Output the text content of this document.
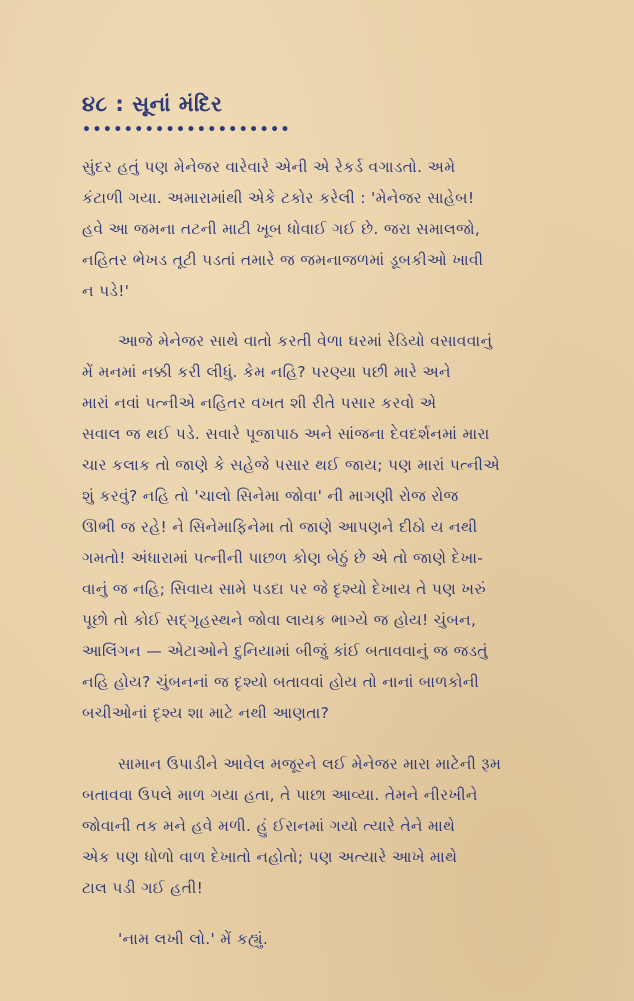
૪૮ : સૂનાં મંદિર
••••••••••••••••••••
સુંદર હતું પણ મેનેજર વારેવારે એની એ રેકર્ડ વગાડતો. અમે
કંટાળી ગયા. અમારામાંથી એકે ટકોર કરેલી : 'મેનેજર સાહેબ!
હવે આ જમના તટની માટી ખૂબ ધોવાઈ ગઈ છે. જરા સમાલજો,
નહિતર ભેખડ તૂટી પડતાં તમારે જ જમનાજળમાં ડૂબકીઓ ખાવી
ન પડે!'
આજે મેનેજર સાથે વાતો કરતી વેળા ઘરમાં રેડિયો વસાવવાનું
મેં મનમાં નક્કી કરી લીધું. કેમ નહિ? પરણ્યા પછી મારે અને
મારાં નવાં પત્નીએ નહિતર વખત શી રીતે પસાર કરવો એ
સવાલ જ થઈ પડે. સવારે પૂજાપાઠ અને સાંજના દેવદર્શનમાં મારા
ચાર કલાક તો જાણે કે સહેજે પસાર થઈ જાય; પણ મારાં પત્નીએ
શું કરવું? નહિ તો 'ચાલો સિનેમા જોવા' ની માગણી રોજ રોજ
ઊભી જ રહે! ને સિનેમાફિનેમા તો જાણે આપણને દીઠો ય નથી
ગમતો! અંધારામાં પત્નીની પાછળ કોણ બેઠું છે એ તો જાણે દેખા-
વાનું જ નહિ; સિવાય સામે પડદા પર જે દૃશ્યો દેખાય તે પણ ખરું
પૂછો તો કોઈ સદ્‌ગૃહસ્થને જોવા લાયક ભાગ્યે જ હોય! ચુંબન,
આલિંગન — એટાઓને દુનિયામાં બીજું કાંઈ બતાવવાનું જ જડતું
નહિ હોય? ચુંબનનાં જ દૃશ્યો બતાવવાં હોય તો નાનાં બાળકોની
બચીઓનાં દૃશ્ય શા માટે નથી આણતા?
સામાન ઉપાડીને આવેલ મજૂરને લઈ મેનેજર મારા માટેની રૂમ
બતાવવા ઉપલે માળ ગયા હતા, તે પાછા આવ્યા. તેમને નીરખીને
જોવાની તક મને હવે મળી. હું ઈરાનમાં ગયો ત્યારે તેને માથે
એક પણ ધોળો વાળ દેખાતો નહોતો; પણ અત્યારે આખે માથે
ટાલ પડી ગઈ હતી!
'નામ લખી લો.' મેં કહ્યું.
